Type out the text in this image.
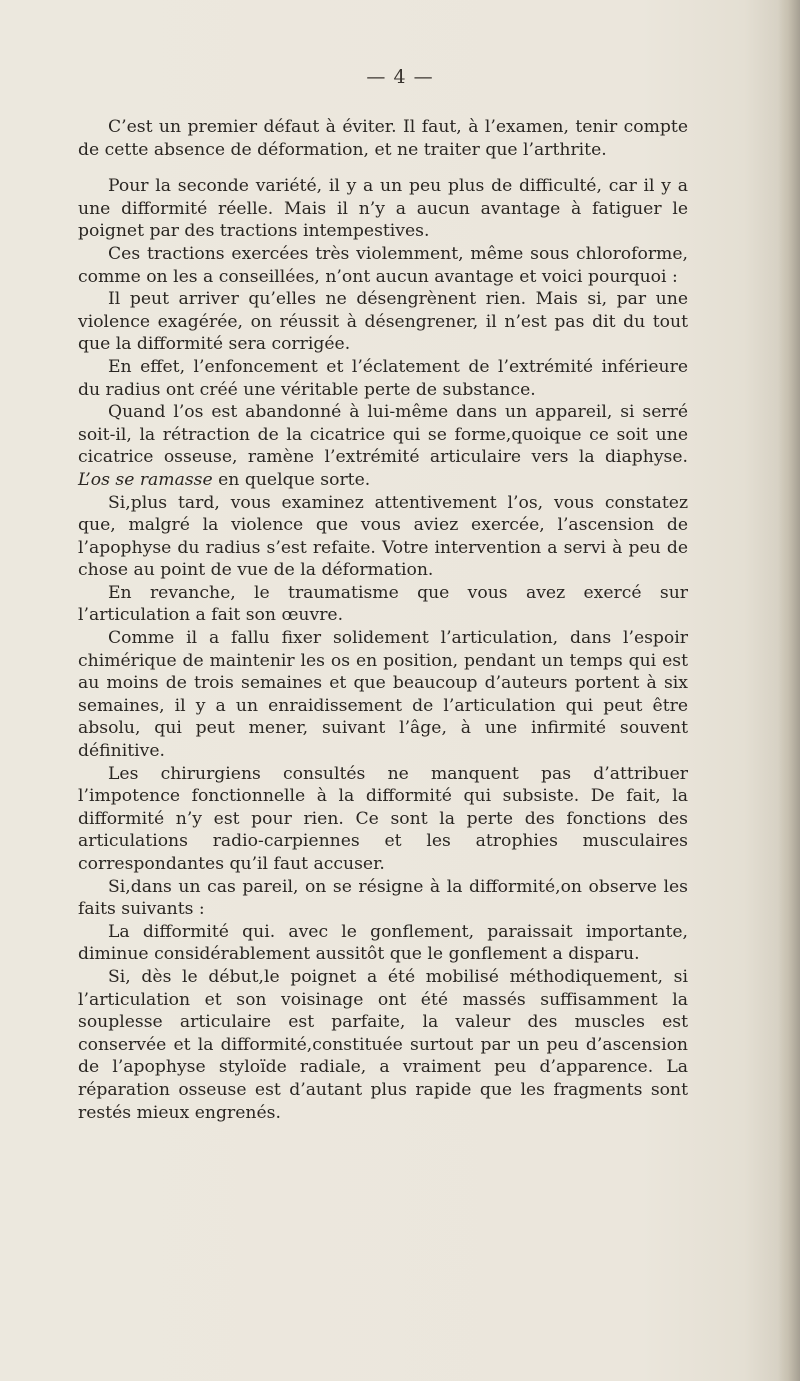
— 4 —

C’est un premier défaut à éviter. Il faut, à l’examen, tenir compte de cette absence de déformation, et ne traiter que l’arthrite.

Pour la seconde variété, il y a un peu plus de difficulté, car il y a une difformité réelle. Mais il n’y a aucun avantage à fatiguer le poignet par des tractions intempestives.

Ces tractions exercées très violemment, même sous chloroforme, comme on les a conseillées, n’ont aucun avantage et voici pourquoi :

Il peut arriver qu’elles ne désengrènent rien. Mais si, par une violence exagérée, on réussit à désengrener, il n’est pas dit du tout que la difformité sera corrigée.

En effet, l’enfoncement et l’éclatement de l’extrémité inférieure du radius ont créé une véritable perte de substance.

Quand l’os est abandonné à lui-même dans un appareil, si serré soit-il, la rétraction de la cicatrice qui se forme,quoique ce soit une cicatrice osseuse, ramène l’extrémité articulaire vers la diaphyse. L’os se ramasse en quelque sorte.

Si,plus tard, vous examinez attentivement l’os, vous constatez que, malgré la violence que vous aviez exercée, l’ascension de l’apophyse du radius s’est refaite. Votre intervention a servi à peu de chose au point de vue de la déformation.

En revanche, le traumatisme que vous avez exercé sur l’articulation a fait son œuvre.

Comme il a fallu fixer solidement l’articulation, dans l’espoir chimérique de maintenir les os en position, pendant un temps qui est au moins de trois semaines et que beaucoup d’auteurs portent à six semaines, il y a un enraidissement de l’articulation qui peut être absolu, qui peut mener, suivant l’âge, à une infirmité souvent définitive.

Les chirurgiens consultés ne manquent pas d’attribuer l’impotence fonctionnelle à la difformité qui subsiste. De fait, la difformité n’y est pour rien. Ce sont la perte des fonctions des articulations radio-carpiennes et les atrophies musculaires correspondantes qu’il faut accuser.

Si,dans un cas pareil, on se résigne à la difformité,on observe les faits suivants :

La difformité qui. avec le gonflement, paraissait importante, diminue considérablement aussitôt que le gonflement a disparu.

Si, dès le début,le poignet a été mobilisé méthodiquement, si l’articulation et son voisinage ont été massés suffisamment la souplesse articulaire est parfaite, la valeur des muscles est conservée et la difformité,constituée surtout par un peu d’ascension de l’apophyse styloïde radiale, a vraiment peu d’apparence. La réparation osseuse est d’autant plus rapide que les fragments sont restés mieux engrenés.
